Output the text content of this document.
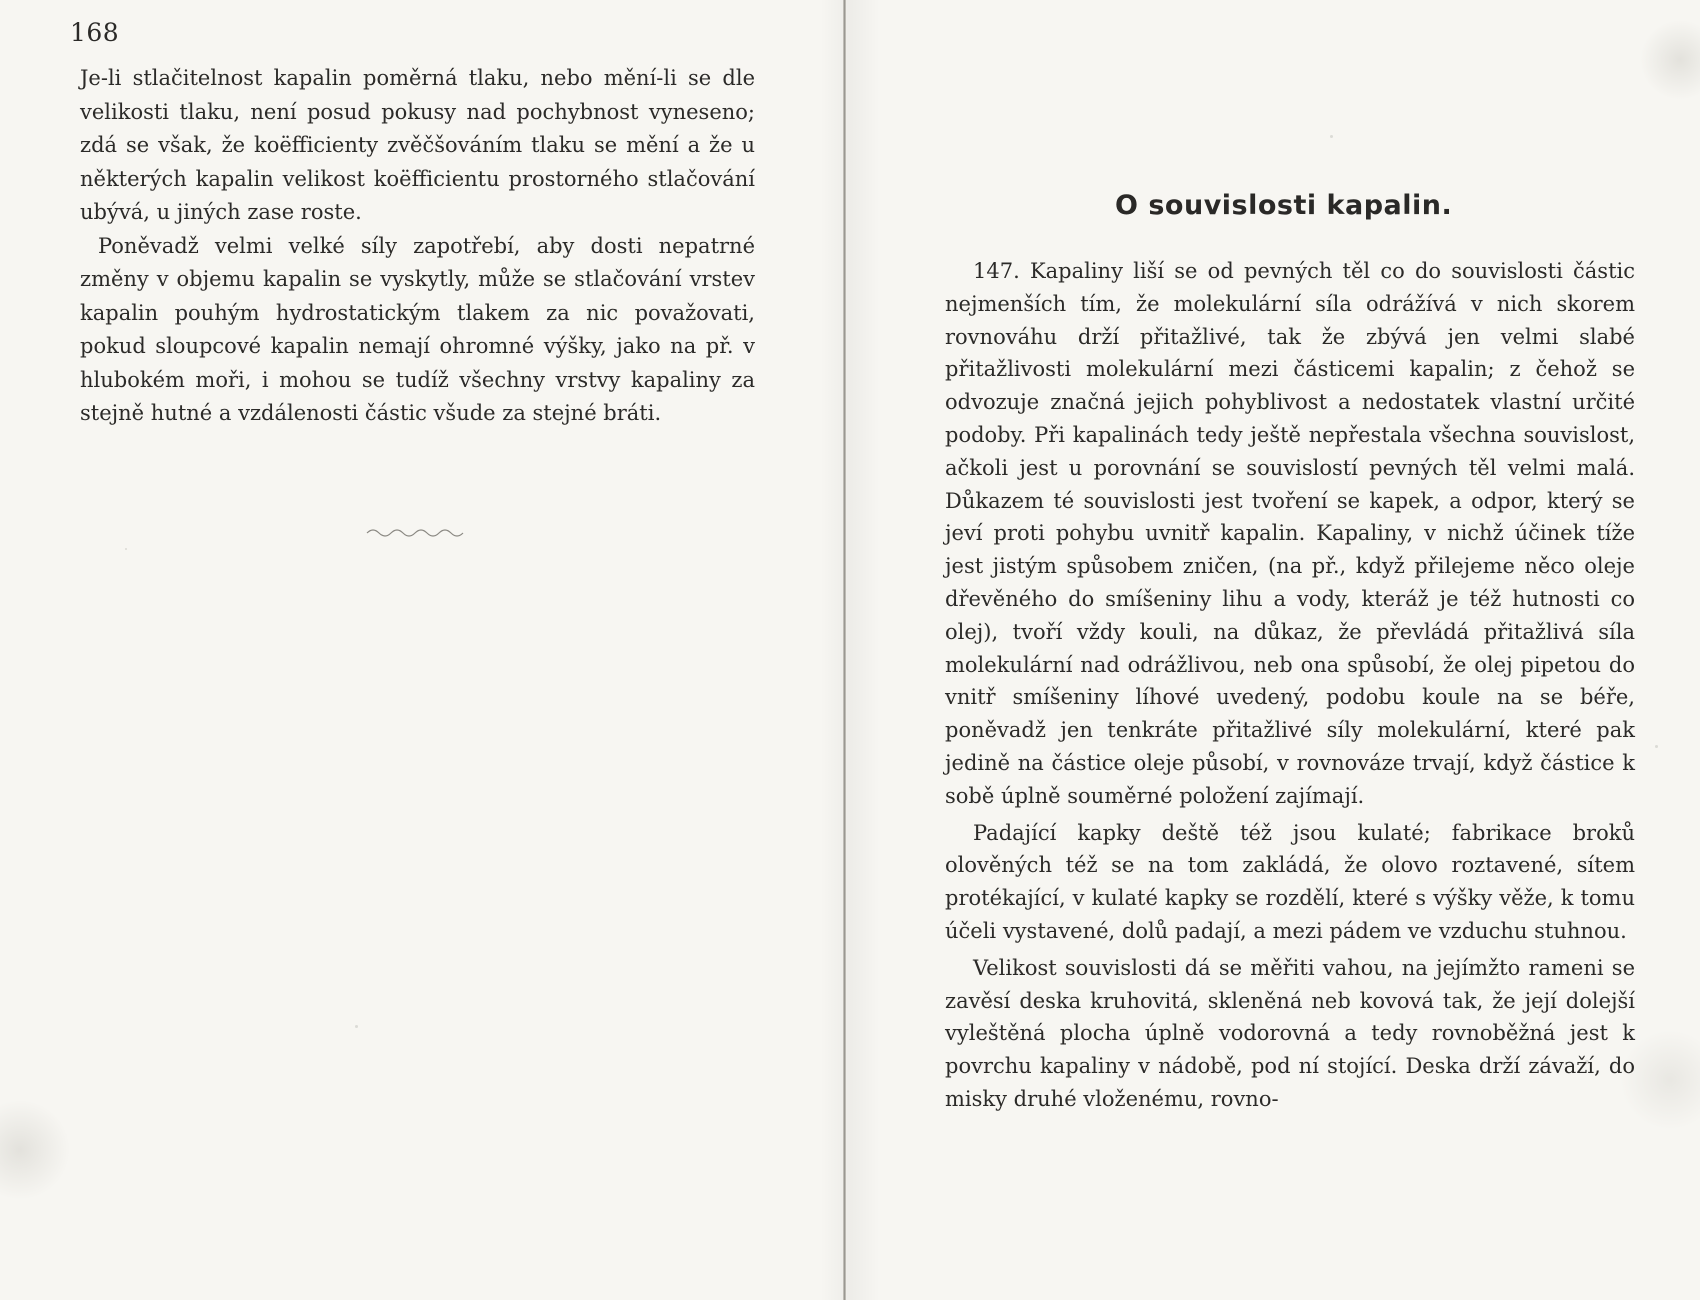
168

Je-li stlačitelnost kapalin poměrná tlaku, nebo mění-li se dle velikosti tlaku, není posud pokusy nad pochybnost vyneseno; zdá se však, že koëfficienty zvěčšováním tlaku se mění a že u některých kapalin velikost koëfficientu prostorného stlačování ubývá, u jiných zase roste.

Poněvadž velmi velké síly zapotřebí, aby dosti nepatrné změny v objemu kapalin se vyskytly, může se stlačování vrstev kapalin pouhým hydrostatickým tlakem za nic považovati, pokud sloupcové kapalin nemají ohromné výšky, jako na př. v hlubokém moři, i mohou se tudíž všechny vrstvy kapaliny za stejně hutné a vzdálenosti částic všude za stejné bráti.

O souvislosti kapalin.

147. Kapaliny liší se od pevných těl co do souvislosti částic nejmenších tím, že molekulární síla odrážívá v nich skorem rovnováhu drží přitažlivé, tak že zbývá jen velmi slabé přitažlivosti molekulární mezi částicemi kapalin; z čehož se odvozuje značná jejich pohyblivost a nedostatek vlastní určité podoby. Při kapalinách tedy ještě nepřestala všechna souvislost, ačkoli jest u porovnání se souvislostí pevných těl velmi malá. Důkazem té souvislosti jest tvoření se kapek, a odpor, který se jeví proti pohybu uvnitř kapalin. Kapaliny, v nichž účinek tíže jest jistým spůsobem zničen, (na př., když přilejeme něco oleje dřevěného do smíšeniny lihu a vody, kteráž je též hutnosti co olej), tvoří vždy kouli, na důkaz, že převládá přitažlivá síla molekulární nad odrážlivou, neb ona spůsobí, že olej pipetou do vnitř smíšeniny líhové uvedený, podobu koule na se béře, poněvadž jen tenkráte přitažlivé síly molekulární, které pak jedině na částice oleje působí, v rovnováze trvají, když částice k sobě úplně souměrné položení zajímají.

Padající kapky deště též jsou kulaté; fabrikace broků olověných též se na tom zakládá, že olovo roztavené, sítem protékající, v kulaté kapky se rozdělí, které s výšky věže, k tomu účeli vystavené, dolů padají, a mezi pádem ve vzduchu stuhnou.

Velikost souvislosti dá se měřiti vahou, na jejímžto rameni se zavěsí deska kruhovitá, skleněná neb kovová tak, že její dolejší vyleštěná plocha úplně vodorovná a tedy rovnoběžná jest k povrchu kapaliny v nádobě, pod ní stojící. Deska drží závaží, do misky druhé vloženému, rovno-
